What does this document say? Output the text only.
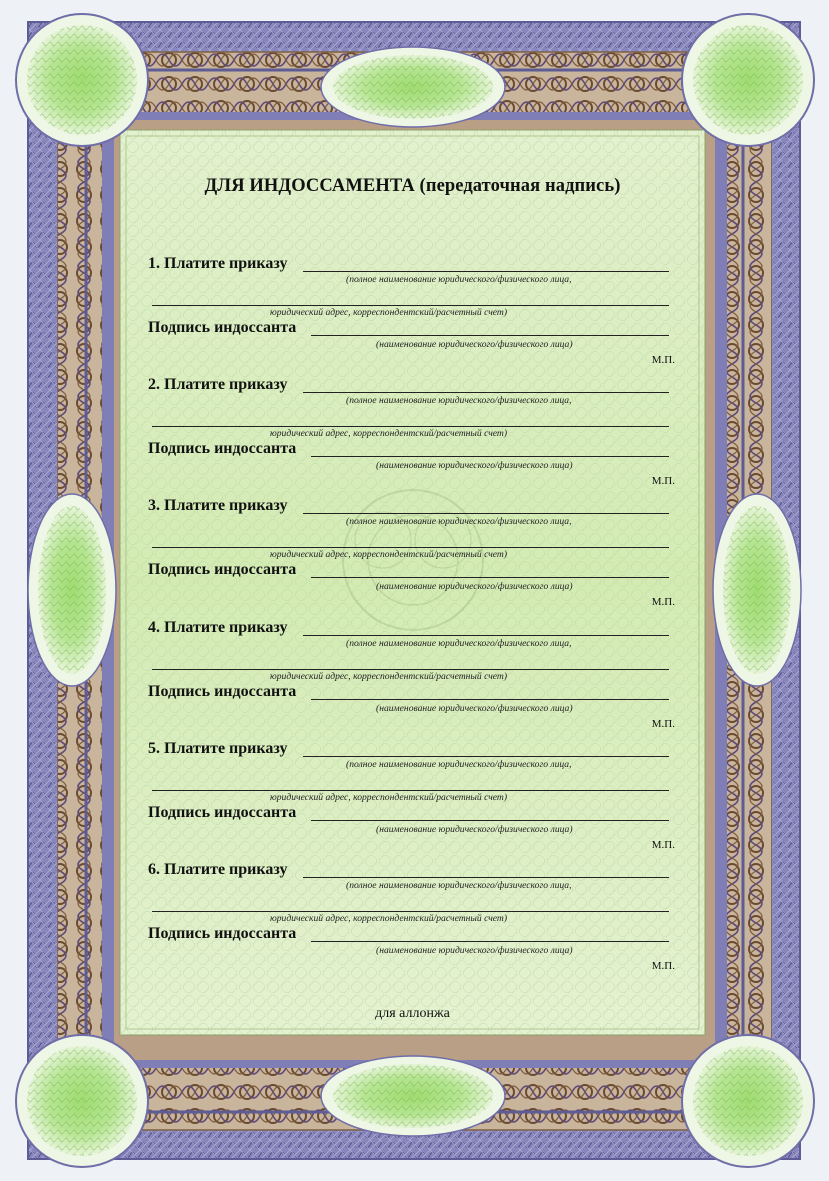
ДЛЯ ИНДОССАМЕНТА (передаточная надпись)
1. Платите приказу
(полное наименование юридического/физического лица,
юридический адрес, корреспондентский/расчетный счет)
Подпись индоссанта
(наименование юридического/физического лица)
М.П.
2. Платите приказу
(полное наименование юридического/физического лица,
юридический адрес, корреспондентский/расчетный счет)
Подпись индоссанта
(наименование юридического/физического лица)
М.П.
3. Платите приказу
(полное наименование юридического/физического лица,
юридический адрес, корреспондентский/расчетный счет)
Подпись индоссанта
(наименование юридического/физического лица)
М.П.
4. Платите приказу
(полное наименование юридического/физического лица,
юридический адрес, корреспондентский/расчетный счет)
Подпись индоссанта
(наименование юридического/физического лица)
М.П.
5. Платите приказу
(полное наименование юридического/физического лица,
юридический адрес, корреспондентский/расчетный счет)
Подпись индоссанта
(наименование юридического/физического лица)
М.П.
6. Платите приказу
(полное наименование юридического/физического лица,
юридический адрес, корреспондентский/расчетный счет)
Подпись индоссанта
(наименование юридического/физического лица)
М.П.
для аллонжа
